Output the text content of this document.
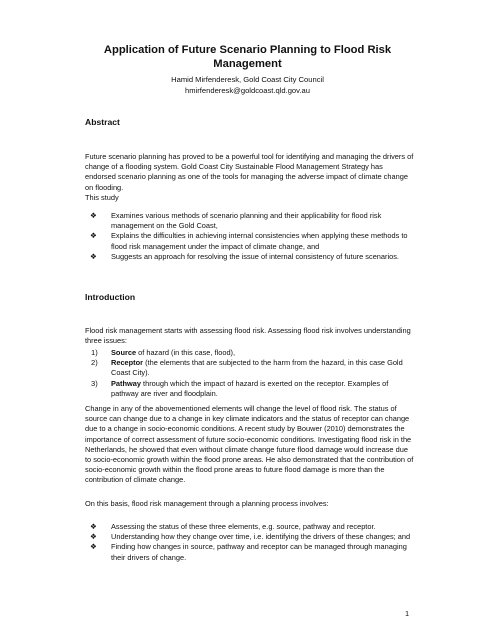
Application of Future Scenario Planning to Flood Risk
Management
Hamid Mirfenderesk, Gold Coast City Council
hmirfenderesk@goldcoast.qld.gov.au
Abstract
Future scenario planning has proved to be a powerful tool for identifying and managing the drivers of change of a flooding system. Gold Coast City Sustainable Flood Management Strategy has endorsed scenario planning as one of the tools for managing the adverse impact of climate change on flooding.
This study
❖ Examines various methods of scenario planning and their applicability for flood risk management on the Gold Coast,
❖ Explains the difficulties in achieving internal consistencies when applying these methods to flood risk management under the impact of climate change, and
❖ Suggests an approach for resolving the issue of internal consistency of future scenarios.
Introduction
Flood risk management starts with assessing flood risk. Assessing flood risk involves understanding three issues:
1) Source of hazard (in this case, flood),
2) Receptor (the elements that are subjected to the harm from the hazard, in this case Gold Coast City).
3) Pathway through which the impact of hazard is exerted on the receptor. Examples of pathway are river and floodplain.
Change in any of the abovementioned elements will change the level of flood risk. The status of source can change due to a change in key climate indicators and the status of receptor can change due to a change in socio-economic conditions. A recent study by Bouwer (2010) demonstrates the importance of correct assessment of future socio-economic conditions. Investigating flood risk in the Netherlands, he showed that even without climate change future flood damage would increase due to socio-economic growth within the flood prone areas. He also demonstrated that the contribution of socio-economic growth within the flood prone areas to future flood damage is more than the contribution of climate change.
On this basis, flood risk management through a planning process involves:
❖ Assessing the status of these three elements, e.g. source, pathway and receptor.
❖ Understanding how they change over time, i.e. identifying the drivers of these changes; and
❖ Finding how changes in source, pathway and receptor can be managed through managing their drivers of change.
1
